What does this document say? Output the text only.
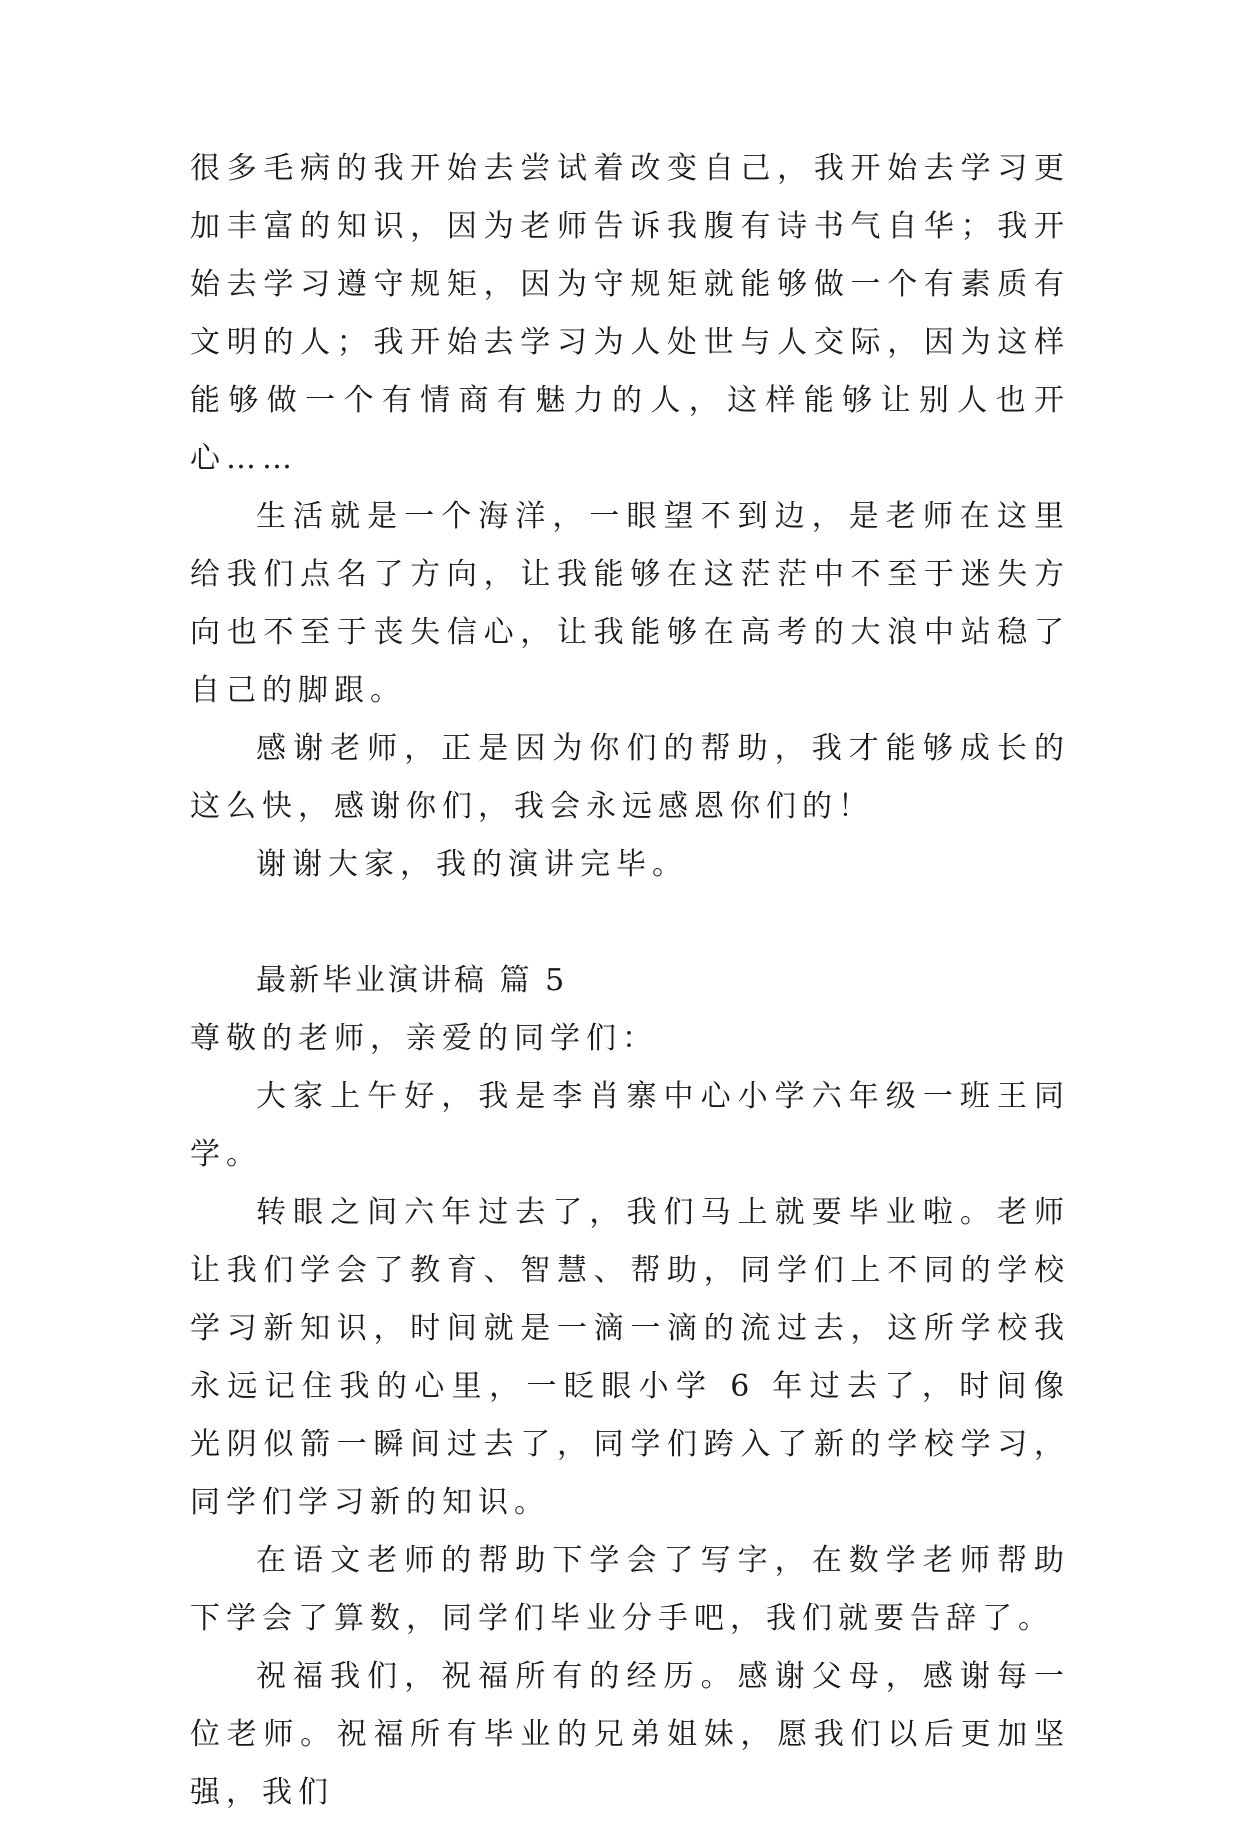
很多毛病的我开始去尝试着改变自己，我开始去学习更加丰富的知识，因为老师告诉我腹有诗书气自华；我开始去学习遵守规矩，因为守规矩就能够做一个有素质有文明的人；我开始去学习为人处世与人交际，因为这样能够做一个有情商有魅力的人，这样能够让别人也开心……

生活就是一个海洋，一眼望不到边，是老师在这里给我们点名了方向，让我能够在这茫茫中不至于迷失方向也不至于丧失信心，让我能够在高考的大浪中站稳了自己的脚跟。

感谢老师，正是因为你们的帮助，我才能够成长的这么快，感谢你们，我会永远感恩你们的！

谢谢大家，我的演讲完毕。

最新毕业演讲稿 篇 5

尊敬的老师，亲爱的同学们：

大家上午好，我是李肖寨中心小学六年级一班王同学。

转眼之间六年过去了，我们马上就要毕业啦。老师让我们学会了教育、智慧、帮助，同学们上不同的学校学习新知识，时间就是一滴一滴的流过去，这所学校我永远记住我的心里，一眨眼小学 6 年过去了，时间像光阴似箭一瞬间过去了，同学们跨入了新的学校学习，同学们学习新的知识。

在语文老师的帮助下学会了写字，在数学老师帮助下学会了算数，同学们毕业分手吧，我们就要告辞了。

祝福我们，祝福所有的经历。感谢父母，感谢每一位老师。祝福所有毕业的兄弟姐妹，愿我们以后更加坚强，我们
